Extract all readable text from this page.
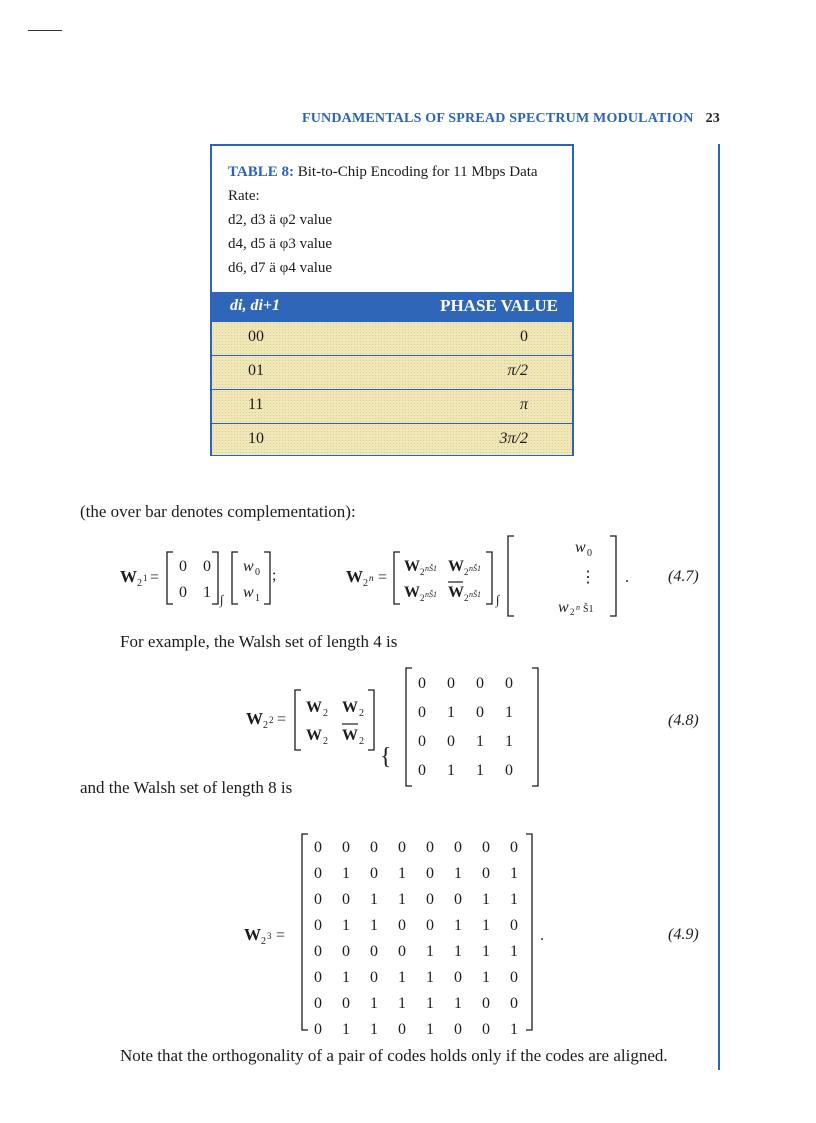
FUNDAMENTALS OF SPREAD SPECTRUM MODULATION 23
TABLE 8: Bit-to-Chip Encoding for 11 Mbps Data Rate:
d2, d3 ä φ2 value
d4, d5 ä φ3 value
d6, d7 ä φ4 value
di, di+1	PHASE VALUE
00	0
01	π/2
11	π
10	3π/2
(the over bar denotes complementation):
W 2 1 =
0 0
0 1 ∫
w 0
w 1
;	W 2 n =
W 2 nŠ1 W 2 nŠ1
W 2 nŠ1 W 2 nŠ1 ∫
w 0
⋮
w 2 n Š1
. (4.7)
For example, the Walsh set of length 4 is
W 2 2 =
W 2 W 2
W 2 W 2
{
0 0 0 0
0 1 0 1
0 0 1 1
0 1 1 0
(4.8)
and the Walsh set of length 8 is
W 2 3 =	.
0 0 0 0 0 0 0 0
0 1 0 1 0 1 0 1
0 0 1 1 0 0 1 1
0 1 1 0 0 1 1 0
0 0 0 0 1 1 1 1
0 1 0 1 1 0 1 0
0 0 1 1 1 1 0 0
0 1 1 0 1 0 0 1
(4.9)
Note that the orthogonality of a pair of codes holds only if the codes are aligned.
